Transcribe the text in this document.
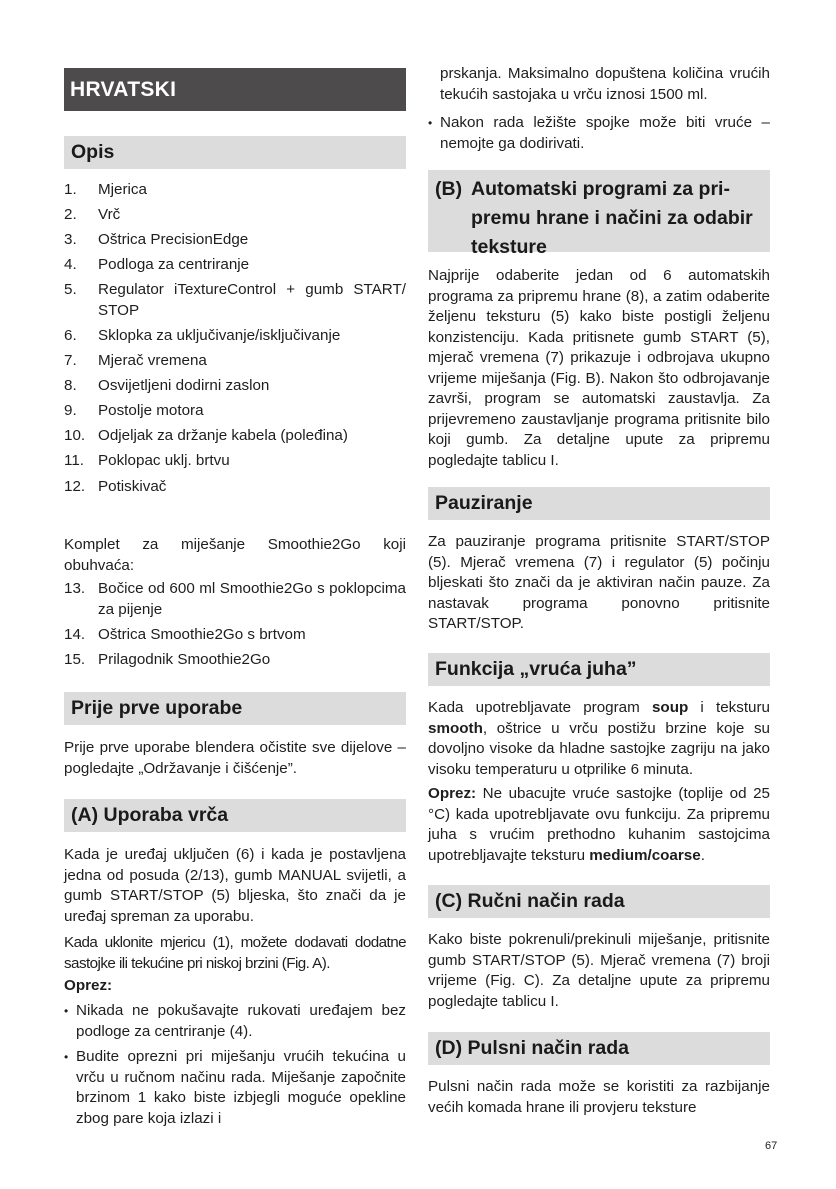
HRVATSKI
Opis
1.	Mjerica
2.	Vrč
3.	Oštrica PrecisionEdge
4.	Podloga za centriranje
5.	Regulator iTextureControl + gumb START/ STOP
6.	Sklopka za uključivanje/isključivanje
7.	Mjerač vremena
8.	Osvijetljeni dodirni zaslon
9.	Postolje motora
10. Odjeljak za držanje kabela (poleđina)
11. Poklopac uklj. brtvu
12. Potiskivač

Komplet za miješanje Smoothie2Go koji obuhvaća:

13. Bočice od 600 ml Smoothie2Go s poklopcima za pijenje
14. Oštrica Smoothie2Go s brtvom
15. Prilagodnik Smoothie2Go
Prije prve uporabe

Prije prve uporabe blendera očistite sve dijelove – pogledajte „Održavanje i čišćenje”.

(A) Uporaba vrča

Kada je uređaj uključen (6) i kada je postavljena jedna od posuda (2/13), gumb MANUAL svijetli, a gumb START/STOP (5) bljeska, što znači da je uređaj spreman za uporabu.

Kada uklonite mjericu (1), možete dodavati dodatne sastojke ili tekućine pri niskoj brzini (Fig. A).

Oprez:
• Nikada ne pokušavajte rukovati uređajem bez podloge za centriranje (4).
• Budite oprezni pri miješanju vrućih tekućina u vrču u ručnom načinu rada. Miješanje započnite brzinom 1 kako biste izbjegli moguće opekline zbog pare koja izlazi i

prskanja. Maksimalno dopuštena količina vrućih tekućih sastojaka u vrču iznosi 1500 ml.

• Nakon rada ležište spojke može biti vruće – nemojte ga dodirivati.
(B) Automatski programi za pri-
premu hrane i načini za odabir
teksture

Najprije odaberite jedan od 6 automatskih programa za pripremu hrane (8), a zatim odaberite željenu teksturu (5) kako biste postigli željenu konzistenciju. Kada pritisnete gumb START (5), mjerač vremena (7) prikazuje i odbrojava ukupno vrijeme miješanja (Fig. B). Nakon što odbrojavanje završi, program se automatski zaustavlja. Za prijevremeno zaustavljanje programa pritisnite bilo koji gumb. Za detaljne upute za pripremu pogledajte tablicu I.

Pauziranje

Za pauziranje programa pritisnite START/STOP (5). Mjerač vremena (7) i regulator (5) počinju bljeskati što znači da je aktiviran način pauze. Za nastavak programa ponovno pritisnite START/STOP.

Funkcija „vruća juha”

Kada upotrebljavate program soup i teksturu smooth, oštrice u vrču postižu brzine koje su dovoljno visoke da hladne sastojke zagriju na jako visoku temperaturu u otprilike 6 minuta.

Oprez: Ne ubacujte vruće sastojke (toplije od 25 °C) kada upotrebljavate ovu funkciju. Za pripremu juha s vrućim prethodno kuhanim sastojcima upotrebljavajte teksturu medium/coarse.

(C) Ručni način rada

Kako biste pokrenuli/prekinuli miješanje, pritisnite gumb START/STOP (5). Mjerač vremena (7) broji vrijeme (Fig. C). Za detaljne upute za pripremu pogledajte tablicu I.

(D) Pulsni način rada

Pulsni način rada može se koristiti za razbijanje većih komada hrane ili provjeru teksture

67
